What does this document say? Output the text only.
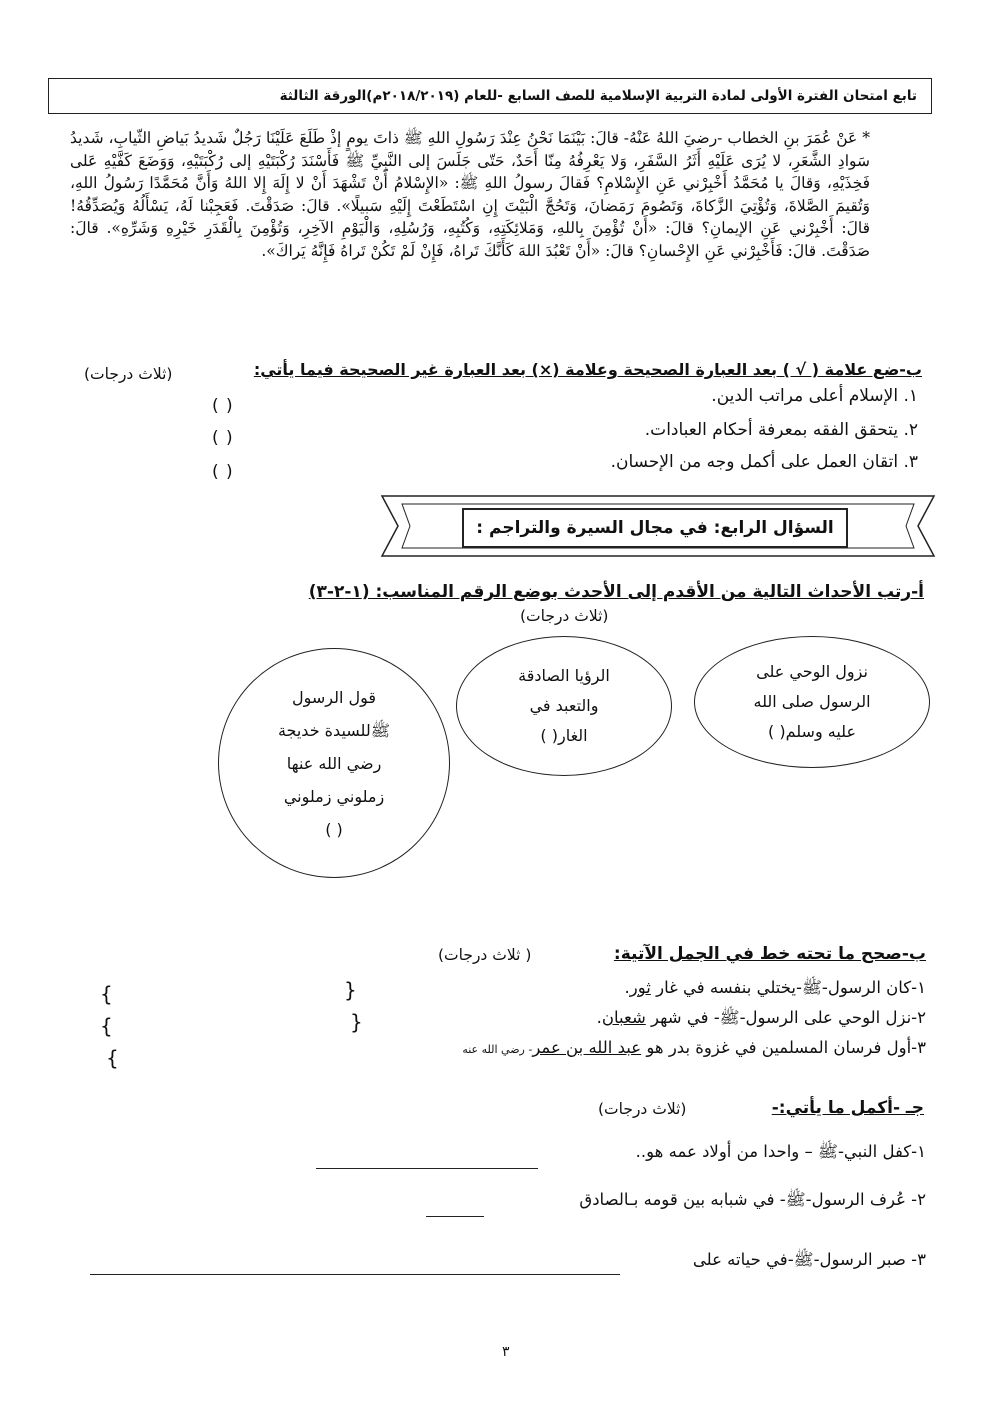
تابع امتحان الفترة الأولى لمادة التربية الإسلامية للصف السابع -للعام (٢٠١٨/٢٠١٩م)الورقة الثالثة
* عَنْ عُمَرَ بنِ الخطاب -رضيَ اللهُ عَنْهُ- قالَ: بَيْنَمَا نَحْنُ عِنْدَ رَسُولِ اللهِ ﷺ ذاتَ يومٍ إذْ طَلَعَ عَلَيْنَا رَجُلٌ شَديدُ بَياضِ الثّيابِ، شَديدُ سَوادِ الشَّعَرِ، لا يُرَى عَلَيْهِ أَثَرُ السَّفَرِ، وَلا يَعْرِفُهُ مِنّا أَحَدٌ، حَتّى جَلَسَ إلى النَّبِيِّ ﷺ فَأَسْنَدَ رُكْبَتَيْهِ إلى رُكْبَتَيْهِ، وَوَضَعَ كَفَّيْهِ عَلى فَخِذَيْهِ، وَقالَ يا مُحَمَّدُ أَخْبِرْني عَنِ الإِسْلامِ؟ فَقالَ رسولُ اللهِ ﷺ: «الإِسْلامُ أَنْ تَشْهَدَ أَنْ لا إِلَهَ إِلا اللهُ وَأَنَّ مُحَمَّدًا رَسُولُ اللهِ، وَتُقيمَ الصَّلاةَ، وَتُؤْتِيَ الزَّكاةَ، وَتَصُومَ رَمَضانَ، وَتَحُجَّ الْبَيْتَ إِنِ اسْتَطَعْتَ إِلَيْهِ سَبيلًا». قالَ: صَدَقْتَ. فَعَجِبْنا لَهُ، يَسْأَلُهُ وَيُصَدِّقُهُ! قالَ: أَخْبِرْني عَنِ الإيمانِ؟ قالَ: «أَنْ تُؤْمِنَ بِاللهِ، وَمَلائِكَتِهِ، وَكُتُبِهِ، وَرُسُلِهِ، وَالْيَوْمِ الآخِرِ، وَتُؤْمِنَ بِالْقَدَرِ خَيْرِهِ وَشَرِّهِ». قالَ: صَدَقْتَ. قالَ: فَأَخْبِرْني عَنِ الإِحْسانِ؟ قالَ: «أَنْ تَعْبُدَ اللهَ كَأَنَّكَ تَراهُ، فَإِنْ لَمْ تَكُنْ تَراهُ فَإِنَّهُ يَراكَ».
ب-ضع علامة ( √ ) بعد العبارة الصحيحة وعلامة (×) بعد العبارة غير الصحيحة فيما يأتي:
(ثلاث درجات)
١. الإسلام أعلى مراتب الدين.
( )
٢. يتحقق الفقه بمعرفة أحكام العبادات.
( )
٣. اتقان العمل على أكمل وجه من الإحسان.
( )
السؤال الرابع: في مجال السيرة والتراجم :
أ-رتب الأحداث التالية من الأقدم إلى الأحدث بوضع الرقم المناسب: (١-٢-٣)
(ثلاث درجات)
نزول الوحي على
الرسول صلى الله
عليه وسلم( )
الرؤيا الصادقة
والتعبد في
الغار( )
قول الرسول
ﷺللسيدة خديجة
رضي الله عنها
زملوني زملوني
( )
ب-صحح ما تحته خط في الجمل الآتية:
( ثلاث درجات)
١-كان الرسول-ﷺ-يختلي بنفسه في غار ثور.
{
}
٢-نزل الوحي على الرسول-ﷺ- في شهر شعبان.
{
}
٣-أول فرسان المسلمين في غزوة بدر هو عبد الله بن عمر- رضي الله عنه
}
جـ -أكمل ما يأتي:-
(ثلاث درجات)
١-كفل النبي-ﷺ – واحدا من أولاد عمه هو..
٢- عُرف الرسول-ﷺ- في شبابه بين قومه بـالصادق
٣- صبر الرسول-ﷺ-في حياته على
٣
